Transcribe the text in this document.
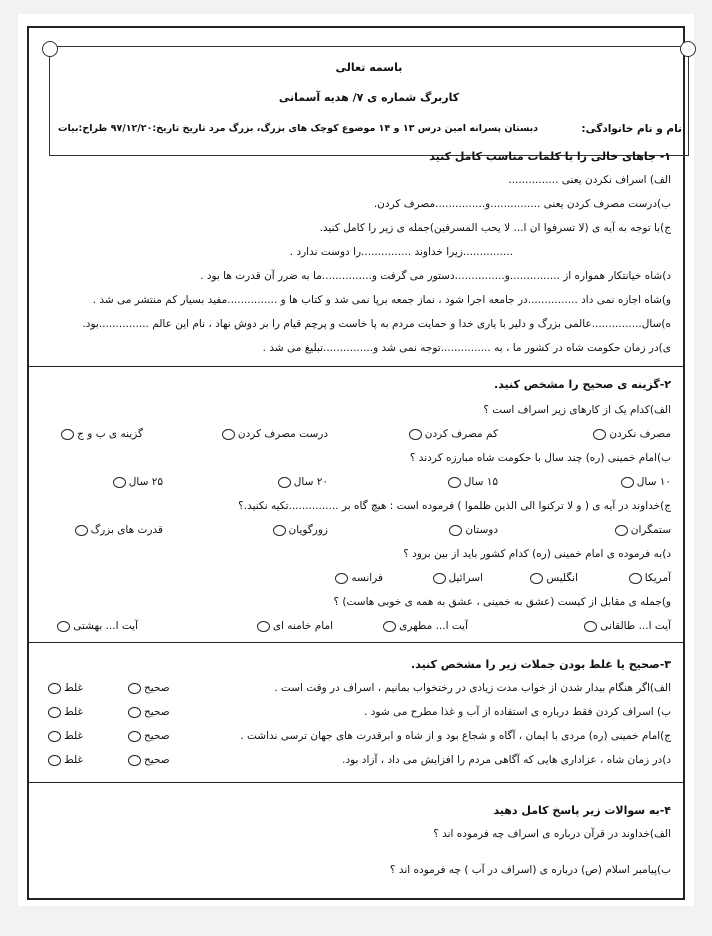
باسمه تعالی
کاربرگ شماره ی ۷/ هدیه آسمانی
نام و نام خانوادگی:
دبستان پسرانه امین درس ۱۳ و ۱۴ موضوع کوچک های بزرگ، بزرگ مرد تاریخ تاریخ:۹۷/۱۲/۲۰ طراح:بیات
۱- جاهای خالی را با کلمات مناسب کامل کنید
الف) اسراف نکردن یعنی ...............
ب)درست مصرف کردن یعنی ...............و...............مصرف کردن.
ج)با توجه به آیه ی (لا تسرفوا ان ا... لا یحب المسرفین)جمله ی زیر را کامل کنید.
...............زیرا خداوند ...............را دوست ندارد .
د)شاه خیانتکار همواره از ...............و...............دستور می گرفت و...............ما به ضرر آن قدرت ها بود .
و)شاه اجازه نمی داد ...............در جامعه اجرا شود ، نماز جمعه برپا نمی شد و کتاب ها و ...............مفید بسیار کم منتشر می شد .
ه)سال...............عالمی بزرگ و دلیر با یاری خدا و حمایت مردم به پا خاست و پرچم قیام را بر دوش نهاد ، نام این عالم ...............بود.
ی)در زمان حکومت شاه در کشور ما ، به ...............توجه نمی شد و...............تبلیغ می شد .
۲-گزینه ی صحیح را مشخص کنید.
الف)کدام یک از کارهای زیر اسراف است ؟
مصرف نکردن
کم مصرف کردن
درست مصرف کردن
گزینه ی ب و ج
ب)امام خمینی (ره) چند سال با حکومت شاه مبارزه کردند ؟
۱۰ سال
۱۵ سال
۲۰ سال
۲۵ سال
ج)خداوند در آیه ی ( و لا ترکنوا الی الذین ظلموا ) فرموده است : هیچ گاه بر ...............تکیه نکنید.؟
ستمگران
دوستان
زورگویان
قدرت های بزرگ
د)به فرموده ی امام خمینی (ره) کدام کشور باید از بین برود ؟
آمریکا
انگلیس
اسرائیل
فرانسه
و)جمله ی مقابل از کیست (عشق به خمینی ، عشق به همه ی خوبی هاست) ؟
آیت ا... طالقانی
آیت ا... مطهری
امام خامنه ای
آیت ا... بهشتی
۳-صحیح یا غلط بودن جملات زیر را مشخص کنید.
الف)اگر هنگام بیدار شدن از خواب مدت زیادی در رختخواب بمانیم ، اسراف در وقت است .
صحیح
غلط
ب) اسراف کردن فقط درباره ی استفاده از آب و غذا مطرح می شود .
صحیح
غلط
ج)امام خمینی (ره) مردی با ایمان ، آگاه و شجاع بود و از شاه و ابرقدرت های جهان ترسی نداشت .
صحیح
غلط
د)در زمان شاه ، عزاداری هایی که آگاهی مردم را افزایش می داد ، آزاد بود.
صحیح
غلط
۴-به سوالات زیر پاسخ کامل دهید
الف)خداوند در قرآن درباره ی اسراف چه فرموده اند ؟
ب)پیامبر اسلام (ص) درباره ی (اسراف در آب ) چه فرموده اند ؟
